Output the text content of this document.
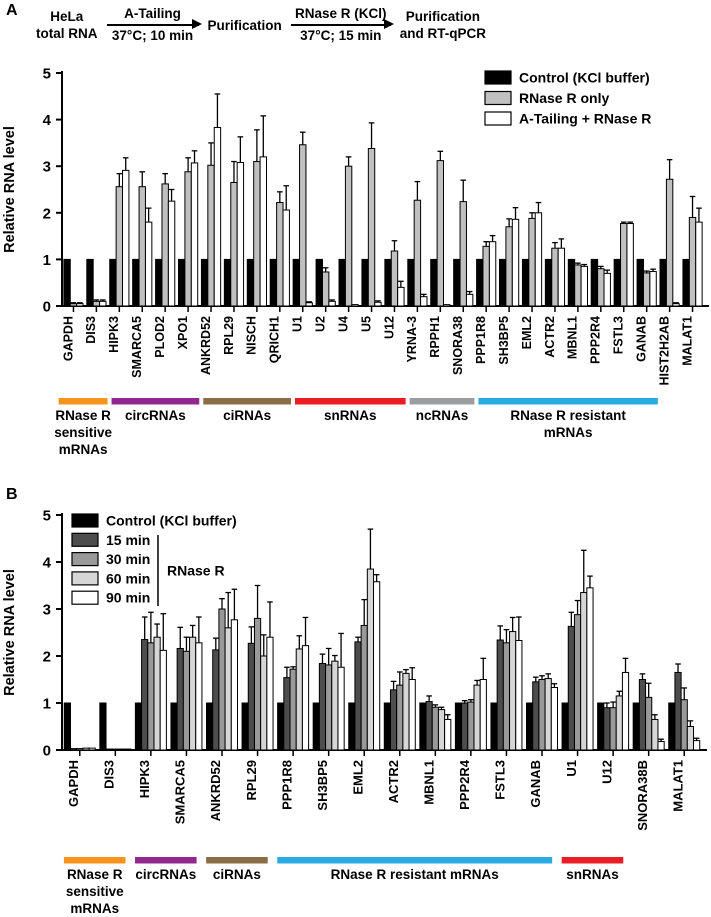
A	HeLa
total RNA
A-Tailing
37°C; 10 min
Purification
RNase R (KCl)
37°C; 15 min
Purification
and RT-qPCR
0
1
2
3
4
5
Relative RNA level
GAPDH DIS3 HIPK3 SMARCA5 PLOD2 XPO1 ANKRD52 RPL29 NISCH QRICH1 U1 U2 U4 U5 U12 YRNA-3 RPPH1 SNORA38 PPP1R8 SH3BP5 EML2 ACTR2 MBNL1 PPP2R4 FSTL3 GANAB HIST2H2AB MALAT1
RNase R
sensitive
mRNAs
circRNAs	ciRNAs	snRNAs	ncRNAs	RNase R resistant
mRNAs
Control (KCl buffer)
RNase R only
A-Tailing + RNase R
B
0
1
2
3
4
5
Relative RNA level
GAPDH DIS3 HIPK3 SMARCA5 ANKRD52 RPL29 PPP1R8 SH3BP5 EML2 ACTR2 MBNL1 PPP2R4 FSTL3 GANAB U1 U12 SNORA38B MALAT1
RNase R
sensitive
mRNAs
circRNAs ciRNAs	RNase R resistant mRNAs	snRNAs
Control (KCl buffer)
15 min
30 min
60 min
90 min
RNase R
